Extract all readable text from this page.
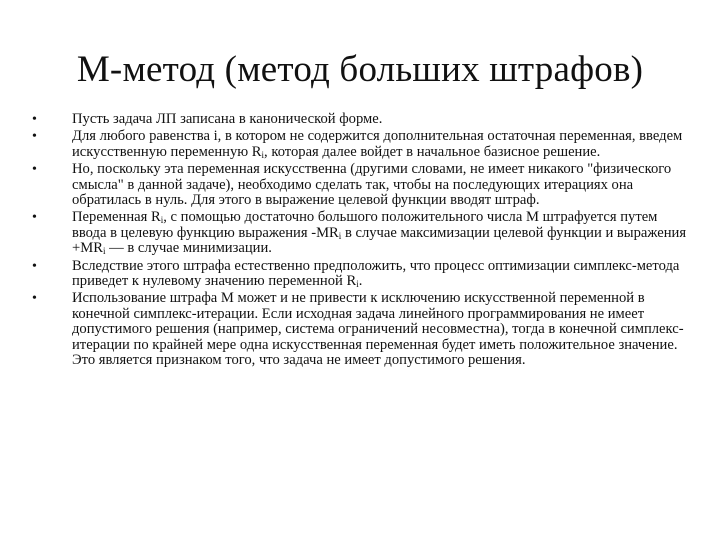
М-метод (метод больших штрафов)
•	Пусть задача ЛП записана в канонической форме.
•	Для любого равенства i, в котором не содержится дополнительная остаточная переменная, введем искусственную переменную $R_i$, которая далее войдет в начальное базисное решение.
•	Но, поскольку эта переменная искусственна (другими словами, не имеет никакого "физического смысла" в данной задаче), необходимо сделать так, чтобы на последующих итерациях она обратилась в нуль. Для этого в выражение целевой функции вводят штраф.
•	Переменная $R_i$, с помощью достаточно большого положительного числа М штрафуется путем ввода в целевую функцию выражения $-MR_i$ в случае максимизации целевой функции и выражения $+MR_i$ — в случае минимизации.
•	Вследствие этого штрафа естественно предположить, что процесс оптимизации симплекс-метода приведет к нулевому значению переменной $R_i$.
•	Использование штрафа M может и не привести к исключению искусственной переменной в конечной симплекс-итерации. Если исходная задача линейного программирования не имеет допустимого решения (например, система ограничений несовместна), тогда в конечной симплекс-итерации по крайней мере одна искусственная переменная будет иметь положительное значение. Это является признаком того, что задача не имеет допустимого решения.
